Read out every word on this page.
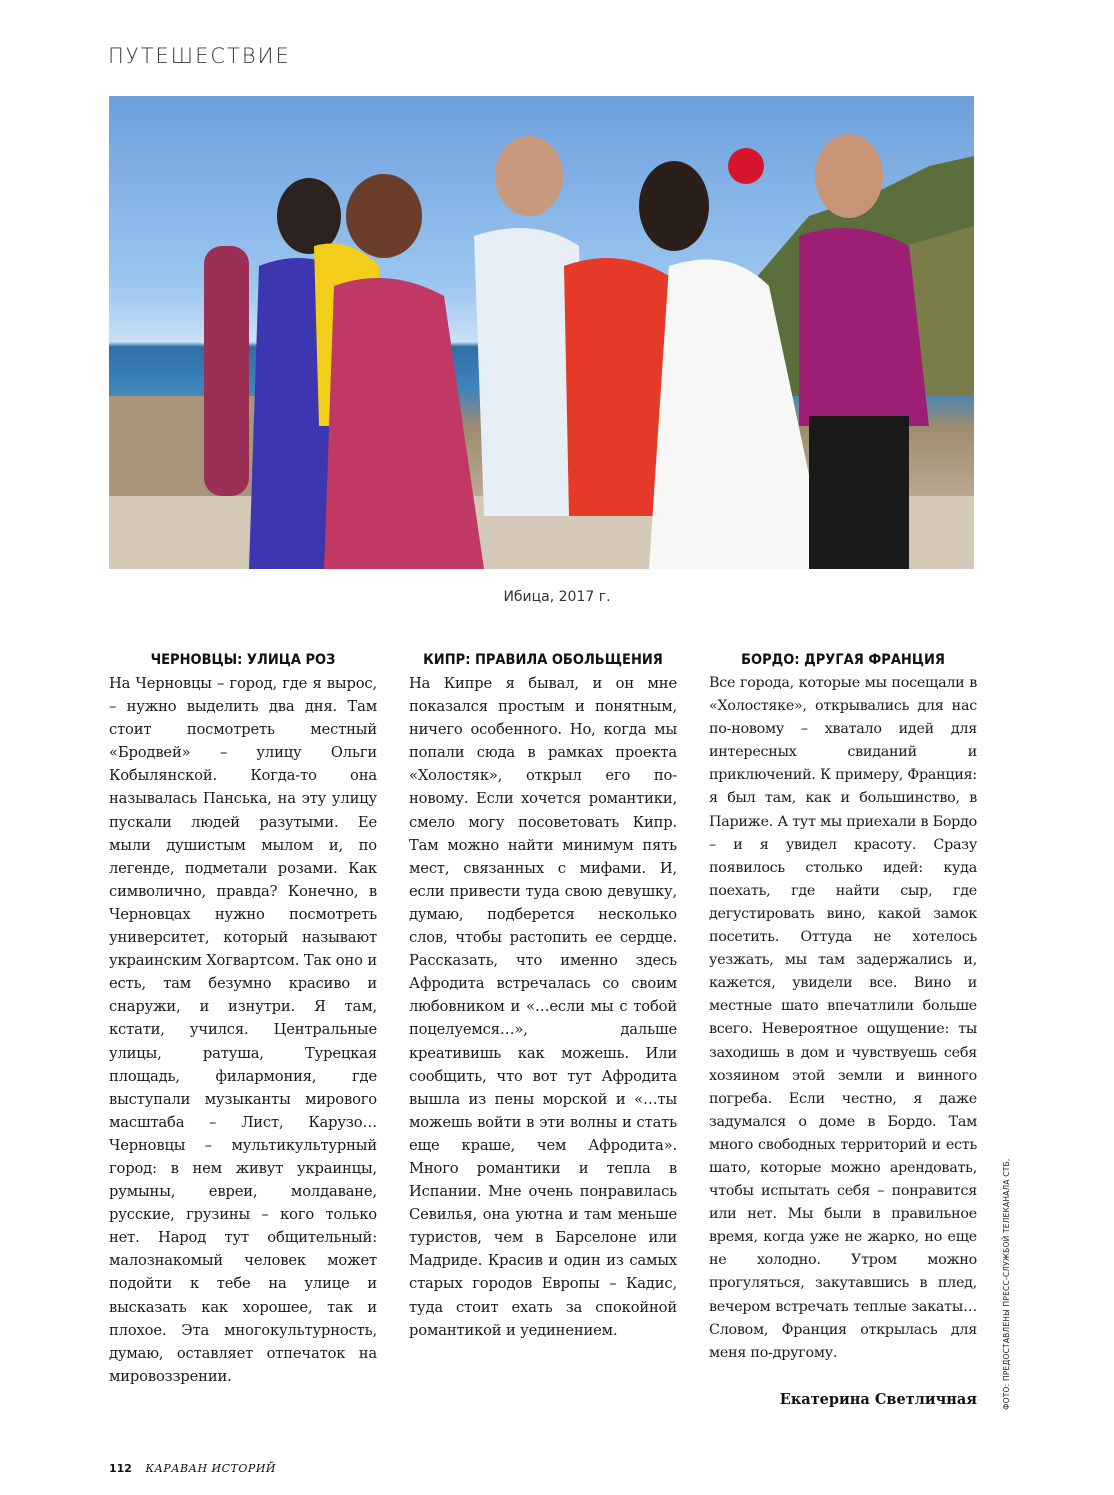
ПУТЕШЕСТВИЕ
Ибица, 2017 г.
ЧЕРНОВЦЫ: УЛИЦА РОЗ

На Черновцы – город, где я вырос, – нужно выделить два дня. Там стоит посмотреть местный «Бродвей» – улицу Ольги Кобылянской. Когда-то она называлась Панська, на эту улицу пускали людей разутыми. Ее мыли душистым мылом и, по легенде, подметали розами. Как символично, правда? Конечно, в Черновцах нужно посмотреть университет, который называют украинским Хогвартсом. Так оно и есть, там безумно красиво и снаружи, и изнутри. Я там, кстати, учился. Центральные улицы, ратуша, Турецкая площадь, филармония, где выступали музыканты мирового масштаба – Лист, Карузо… Черновцы – мультикультурный город: в нем живут украинцы, румыны, евреи, молдаване, русские, грузины – кого только нет. Народ тут общительный: малознакомый человек может подойти к тебе на улице и высказать как хорошее, так и плохое. Эта многокультурность, думаю, оставляет отпечаток на мировоззрении.

КИПР: ПРАВИЛА ОБОЛЬЩЕНИЯ

На Кипре я бывал, и он мне показался простым и понятным, ничего особенного. Но, когда мы попали сюда в рамках проекта «Холостяк», открыл его по-новому. Если хочется романтики, смело могу посоветовать Кипр. Там можно найти минимум пять мест, связанных с мифами. И, если привести туда свою девушку, думаю, подберется несколько слов, чтобы растопить ее сердце. Рассказать, что именно здесь Афродита встречалась со своим любовником и «…если мы с тобой поцелуемся…», дальше креативишь как можешь. Или сообщить, что вот тут Афродита вышла из пены морской и «…ты можешь войти в эти волны и стать еще краше, чем Афродита». Много романтики и тепла в Испании. Мне очень понравилась Севилья, она уютна и там меньше туристов, чем в Барселоне или Мадриде. Красив и один из самых старых городов Европы – Кадис, туда стоит ехать за спокойной романтикой и уединением.

БОРДО: ДРУГАЯ ФРАНЦИЯ

Все города, которые мы посещали в «Холостяке», открывались для нас по-новому – хватало идей для интересных свиданий и приключений. К примеру, Франция: я был там, как и большинство, в Париже. А тут мы приехали в Бордо – и я увидел красоту. Сразу появилось столько идей: куда поехать, где найти сыр, где дегустировать вино, какой замок посетить. Оттуда не хотелось уезжать, мы там задержались и, кажется, увидели все. Вино и местные шато впечатлили больше всего. Невероятное ощущение: ты заходишь в дом и чувствуешь себя хозяином этой земли и винного погреба. Если честно, я даже задумался о доме в Бордо. Там много свободных территорий и есть шато, которые можно арендовать, чтобы испытать себя – понравится или нет. Мы были в правильное время, когда уже не жарко, но еще не холодно. Утром можно прогуляться, закутавшись в плед, вечером встречать теплые закаты… Словом, Франция открылась для меня по-другому.

Екатерина Светличная	ФОТО: ПРЕДОСТАВЛЕНЫ ПРЕСС-СЛУЖБОЙ ТЕЛЕКАНАЛА СТБ,
112 КАРАВАН ИСТОРИЙ
